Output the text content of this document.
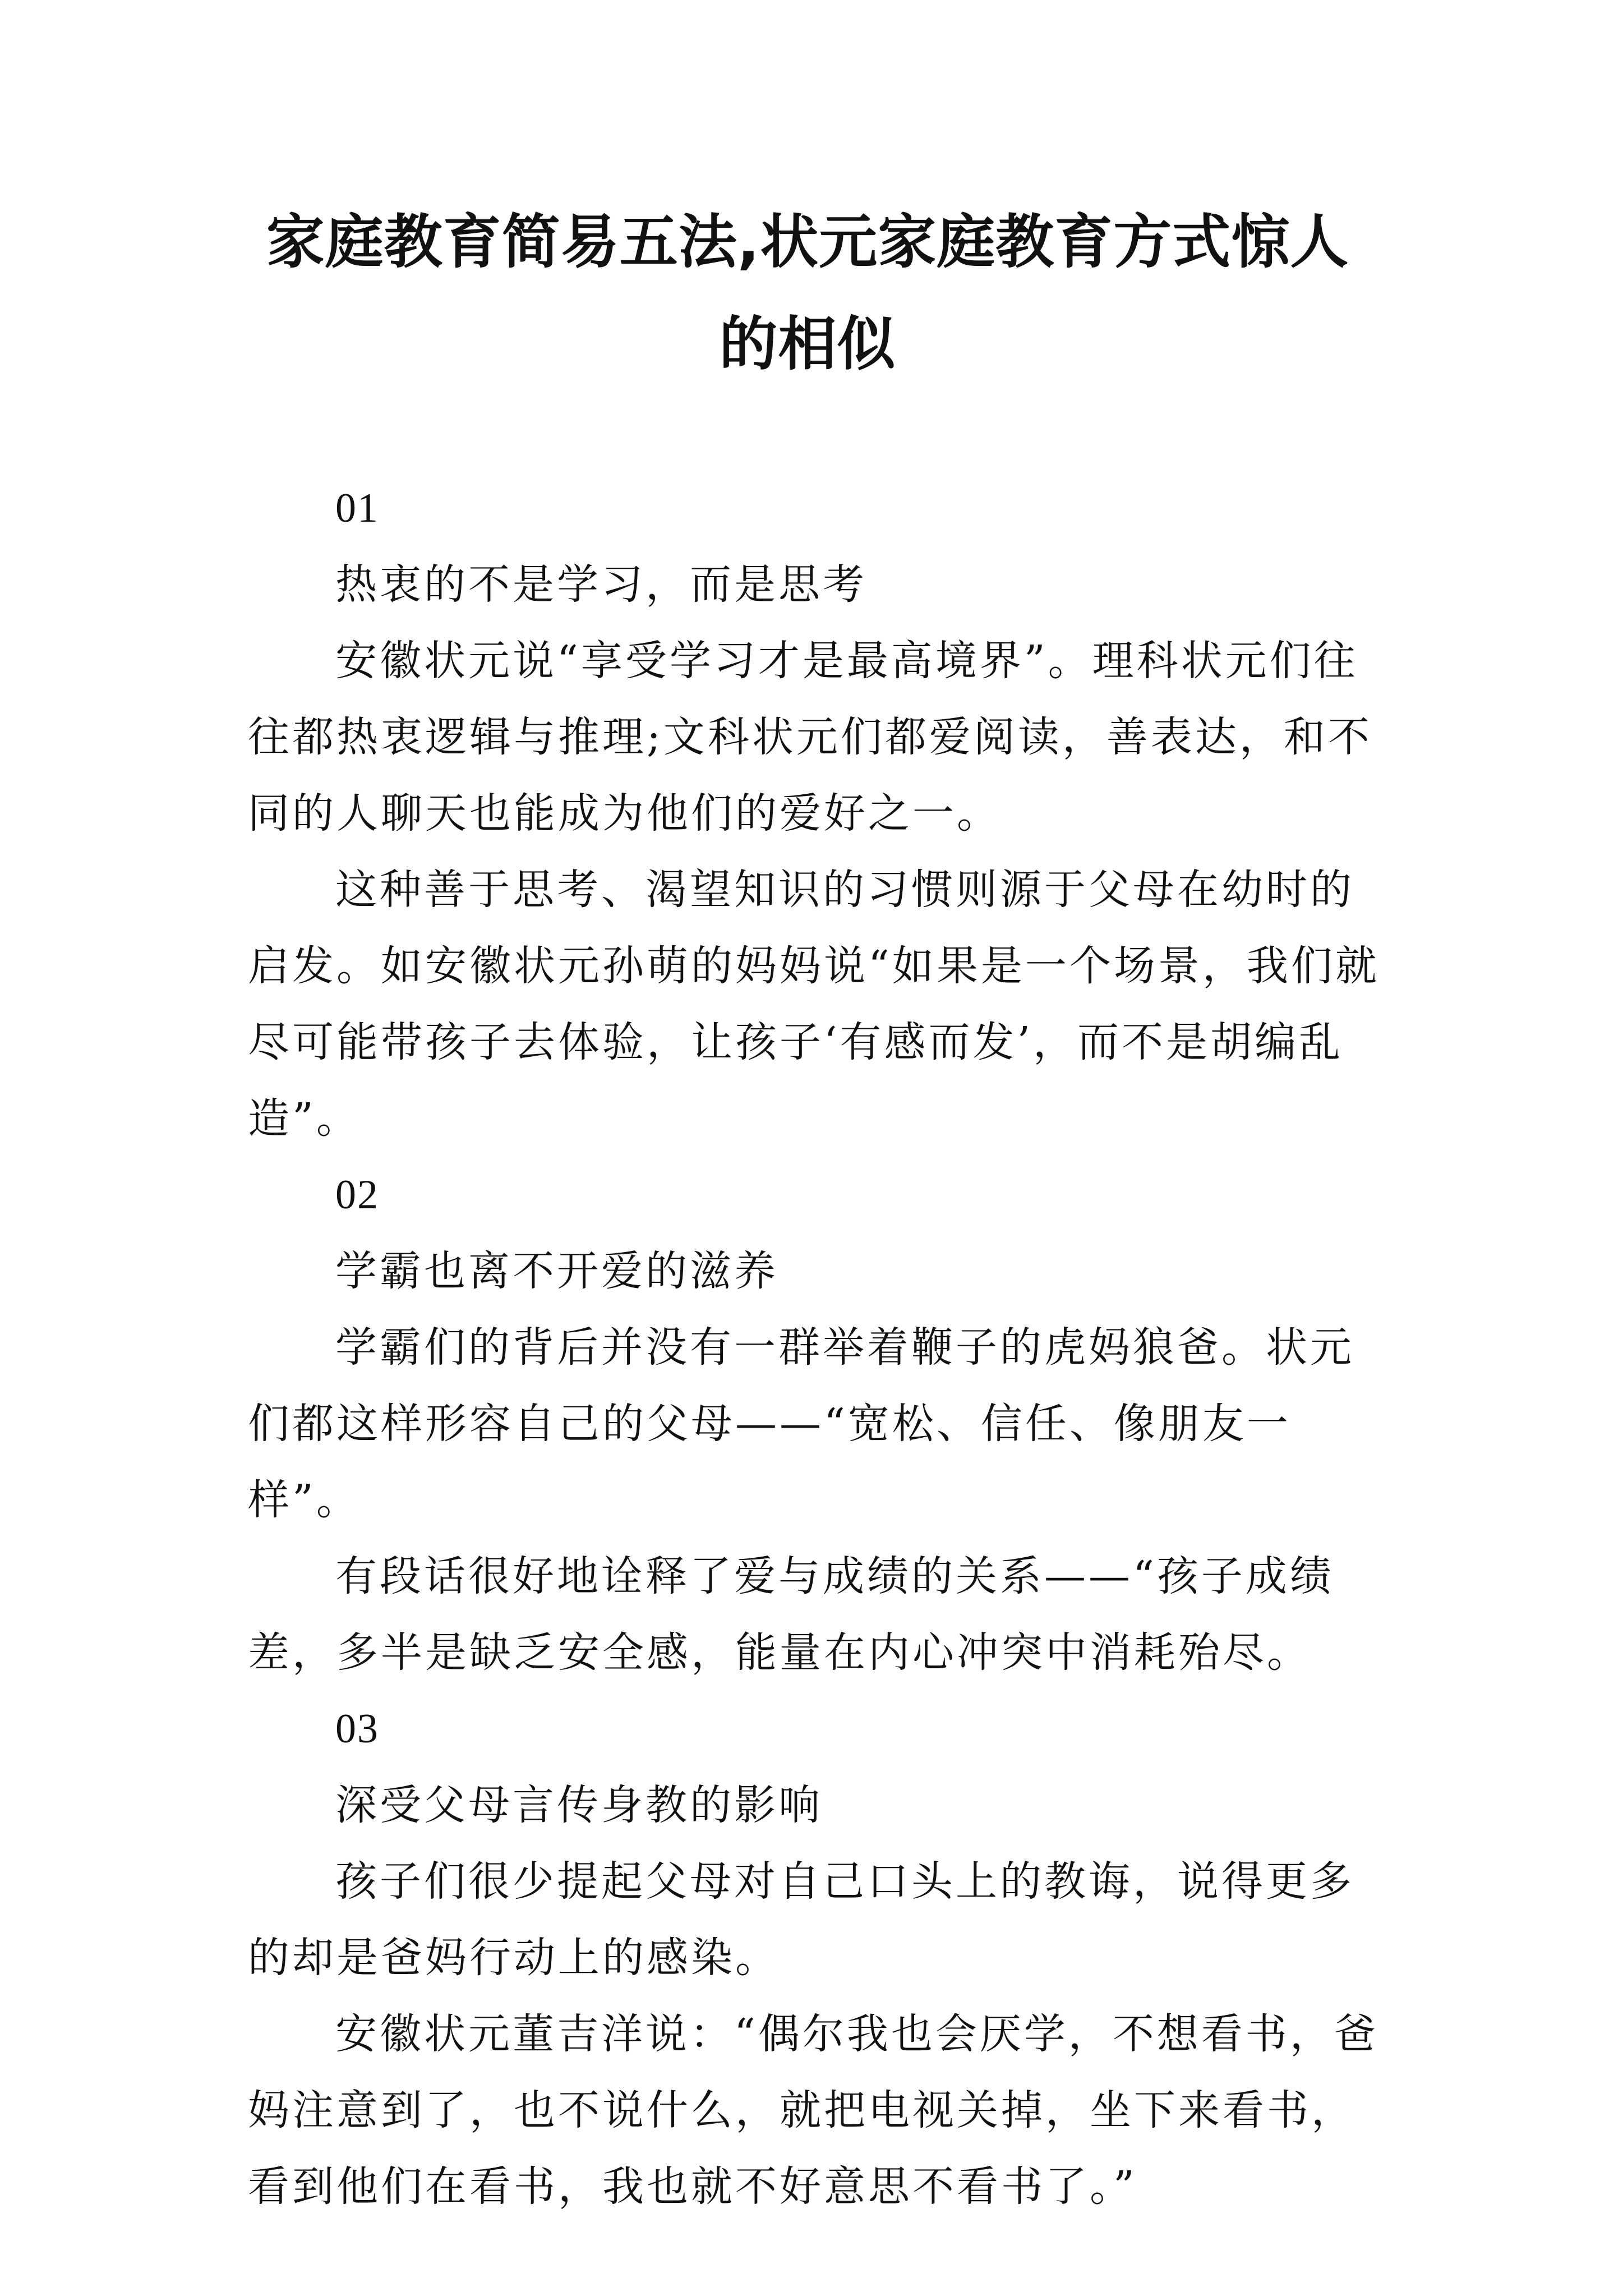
家庭教育简易五法,状元家庭教育方式惊人
的相似

01

热衷的不是学习，而是思考

安徽状元说“享受学习才是最高境界”。理科状元们往往都热衷逻辑与推理;文科状元们都爱阅读，善表达，和不同的人聊天也能成为他们的爱好之一。

这种善于思考、渴望知识的习惯则源于父母在幼时的启发。如安徽状元孙萌的妈妈说“如果是一个场景，我们就尽可能带孩子去体验，让孩子‘有感而发’，而不是胡编乱造”。

02

学霸也离不开爱的滋养

学霸们的背后并没有一群举着鞭子的虎妈狼爸。状元们都这样形容自己的父母——“宽松、信任、像朋友一样”。

有段话很好地诠释了爱与成绩的关系——“孩子成绩差，多半是缺乏安全感，能量在内心冲突中消耗殆尽。

03

深受父母言传身教的影响

孩子们很少提起父母对自己口头上的教诲，说得更多的却是爸妈行动上的感染。

安徽状元董吉洋说：“偶尔我也会厌学，不想看书，爸妈注意到了，也不说什么，就把电视关掉，坐下来看书，看到他们在看书，我也就不好意思不看书了。”
